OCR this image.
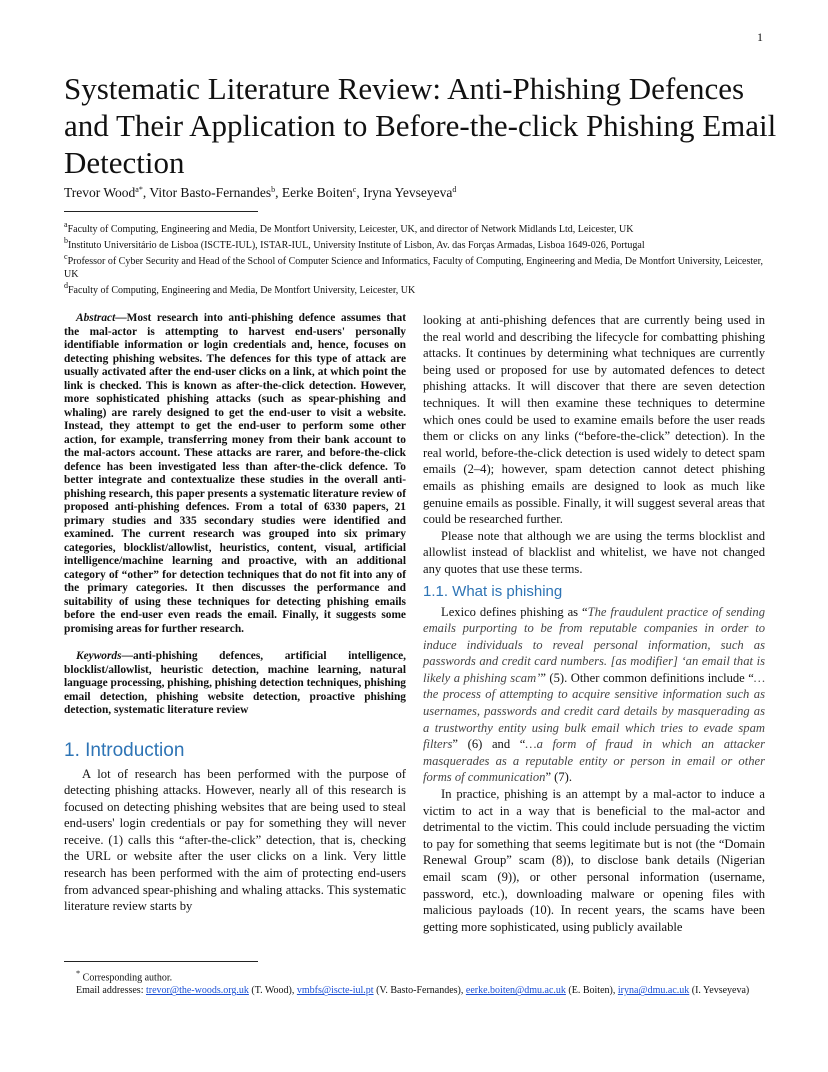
1
Systematic Literature Review: Anti-Phishing Defences and Their Application to Before-the-click Phishing Email Detection
Trevor Wood$^{a*}$, Vitor Basto-Fernandes$^b$, Eerke Boiten$^c$, Iryna Yevseyeva$^d$

$^a$Faculty of Computing, Engineering and Media, De Montfort University, Leicester, UK, and director of Network Midlands Ltd, Leicester, UK

$^b$Instituto Universitário de Lisboa (ISCTE-IUL), ISTAR-IUL, University Institute of Lisbon, Av. das Forças Armadas, Lisboa 1649-026, Portugal

$^c$Professor of Cyber Security and Head of the School of Computer Science and Informatics, Faculty of Computing, Engineering and Media, De Montfort University, Leicester, UK

$^d$Faculty of Computing, Engineering and Media, De Montfort University, Leicester, UK

Abstract—Most research into anti-phishing defence assumes that the mal-actor is attempting to harvest end-users' personally identifiable information or login credentials and, hence, focuses on detecting phishing websites. The defences for this type of attack are usually activated after the end-user clicks on a link, at which point the link is checked. This is known as after-the-click detection. However, more sophisticated phishing attacks (such as spear-phishing and whaling) are rarely designed to get the end-user to visit a website. Instead, they attempt to get the end-user to perform some other action, for example, transferring money from their bank account to the mal-actors account. These attacks are rarer, and before-the-click defence has been investigated less than after-the-click defence. To better integrate and contextualize these studies in the overall anti-phishing research, this paper presents a systematic literature review of proposed anti-phishing defences. From a total of 6330 papers, 21 primary studies and 335 secondary studies were identified and examined. The current research was grouped into six primary categories, blocklist/allowlist, heuristics, content, visual, artificial intelligence/machine learning and proactive, with an additional category of “other” for detection techniques that do not fit into any of the primary categories. It then discusses the performance and suitability of using these techniques for detecting phishing emails before the end-user even reads the email. Finally, it suggests some promising areas for further research.

Keywords—anti-phishing defences, artificial intelligence, blocklist/allowlist, heuristic detection, machine learning, natural language processing, phishing, phishing detection techniques, phishing email detection, phishing website detection, proactive phishing detection, systematic literature review

1. Introduction

A lot of research has been performed with the purpose of detecting phishing attacks. However, nearly all of this research is focused on detecting phishing websites that are being used to steal end-users' login credentials or pay for something they will never receive. (1) calls this “after-the-click” detection, that is, checking the URL or website after the user clicks on a link. Very little research has been performed with the aim of protecting end-users from advanced spear-phishing and whaling attacks. This systematic literature review starts by

looking at anti-phishing defences that are currently being used in the real world and describing the lifecycle for combatting phishing attacks. It continues by determining what techniques are currently being used or proposed for use by automated defences to detect phishing attacks. It will discover that there are seven detection techniques. It will then examine these techniques to determine which ones could be used to examine emails before the user reads them or clicks on any links (“before-the-click” detection). In the real world, before-the-click detection is used widely to detect spam emails (2–4); however, spam detection cannot detect phishing emails as phishing emails are designed to look as much like genuine emails as possible. Finally, it will suggest several areas that could be researched further.

Please note that although we are using the terms blocklist and allowlist instead of blacklist and whitelist, we have not changed any quotes that use these terms.

1.1. What is phishing

Lexico defines phishing as “The fraudulent practice of sending emails purporting to be from reputable companies in order to induce individuals to reveal personal information, such as passwords and credit card numbers. [as modifier] ‘an email that is likely a phishing scam’” (5). Other common definitions include “… the process of attempting to acquire sensitive information such as usernames, passwords and credit card details by masquerading as a trustworthy entity using bulk email which tries to evade spam filters” (6) and “…a form of fraud in which an attacker masquerades as a reputable entity or person in email or other forms of communication” (7).

In practice, phishing is an attempt by a mal-actor to induce a victim to act in a way that is beneficial to the mal-actor and detrimental to the victim. This could include persuading the victim to pay for something that seems legitimate but is not (the “Domain Renewal Group” scam (8)), to disclose bank details (Nigerian email scam (9)), or other personal information (username, password, etc.), downloading malware or opening files with malicious payloads (10). In recent years, the scams have been getting more sophisticated, using publicly available

* Corresponding author.

Email addresses: trevor@the-woods.org.uk (T. Wood), vmbfs@iscte-iul.pt (V. Basto-Fernandes), eerke.boiten@dmu.ac.uk (E. Boiten), iryna@dmu.ac.uk (I. Yevseyeva)
